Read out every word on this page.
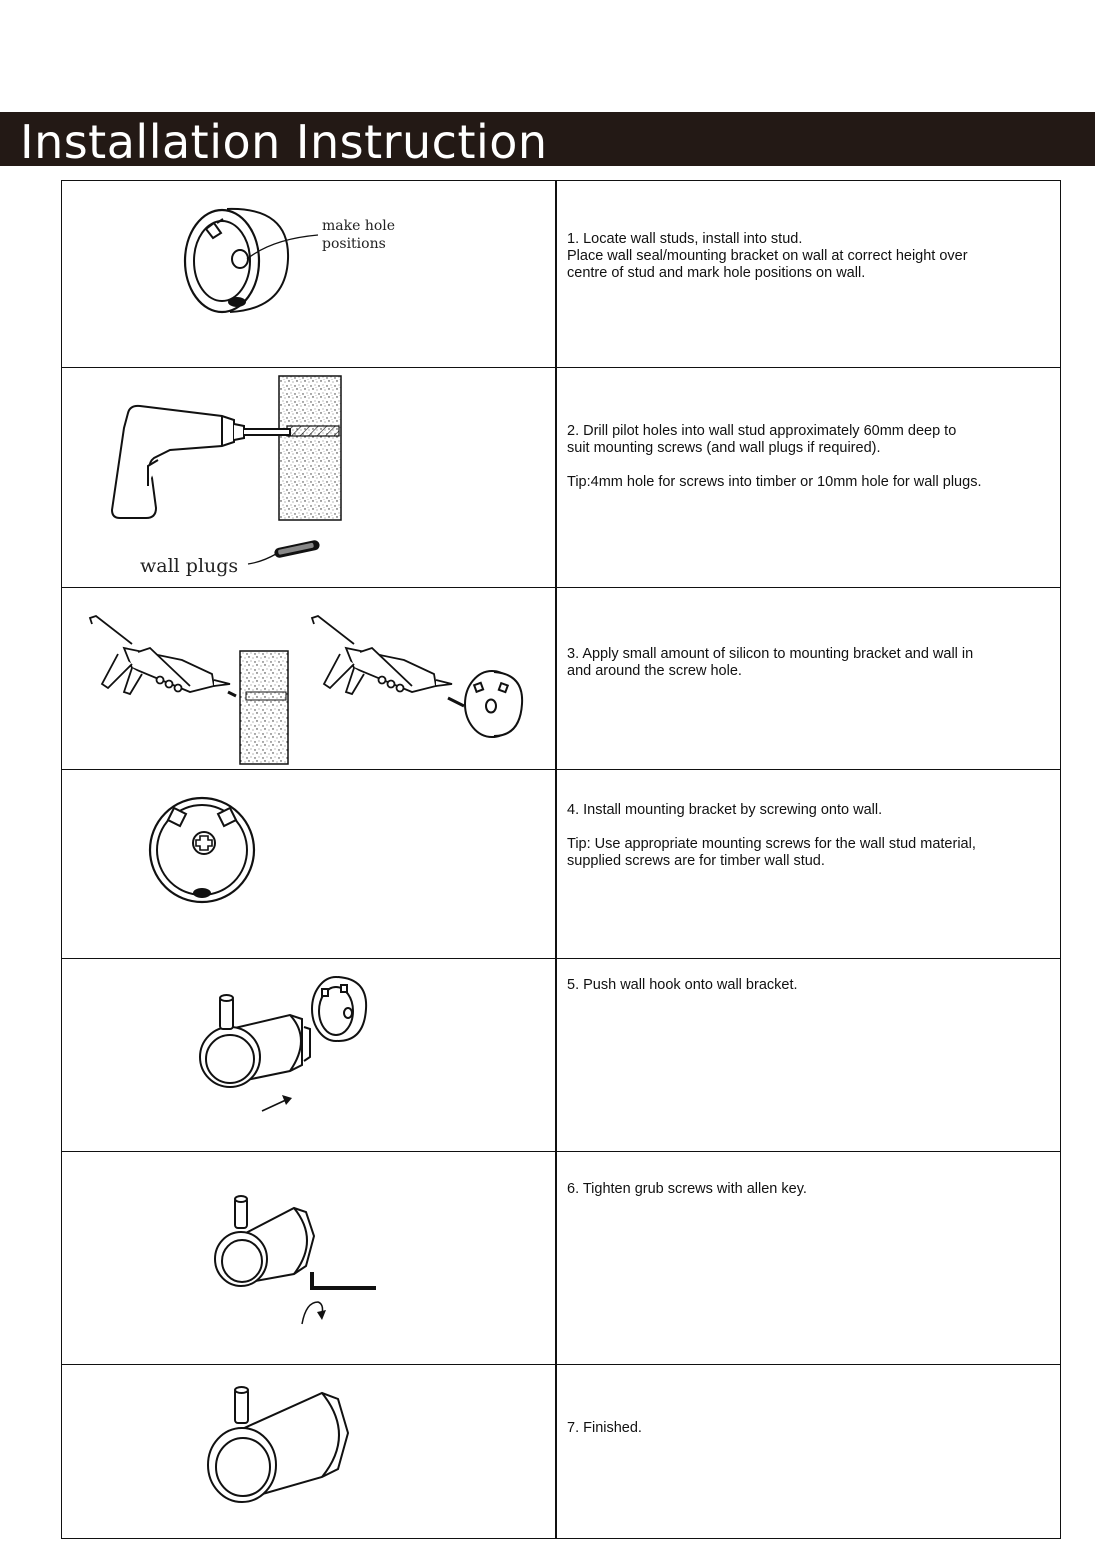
Installation Instruction
make hole
positions	1. Locate wall studs, install into stud.

Place wall seal/mounting bracket on wall at correct height over

centre of stud and mark hole positions on wall.

wall plugs

2. Drill pilot holes into wall stud approximately 60mm deep to

suit mounting screws (and wall plugs if required).

Tip:4mm hole for screws into timber or 10mm hole for wall plugs.

3. Apply small amount of silicon to mounting bracket and wall in

and around the screw hole.

4. Install mounting bracket by screwing onto wall.

Tip: Use appropriate mounting screws for the wall stud material,

supplied screws are for timber wall stud.

5. Push wall hook onto wall bracket.

6. Tighten grub screws with allen key.

7. Finished.
